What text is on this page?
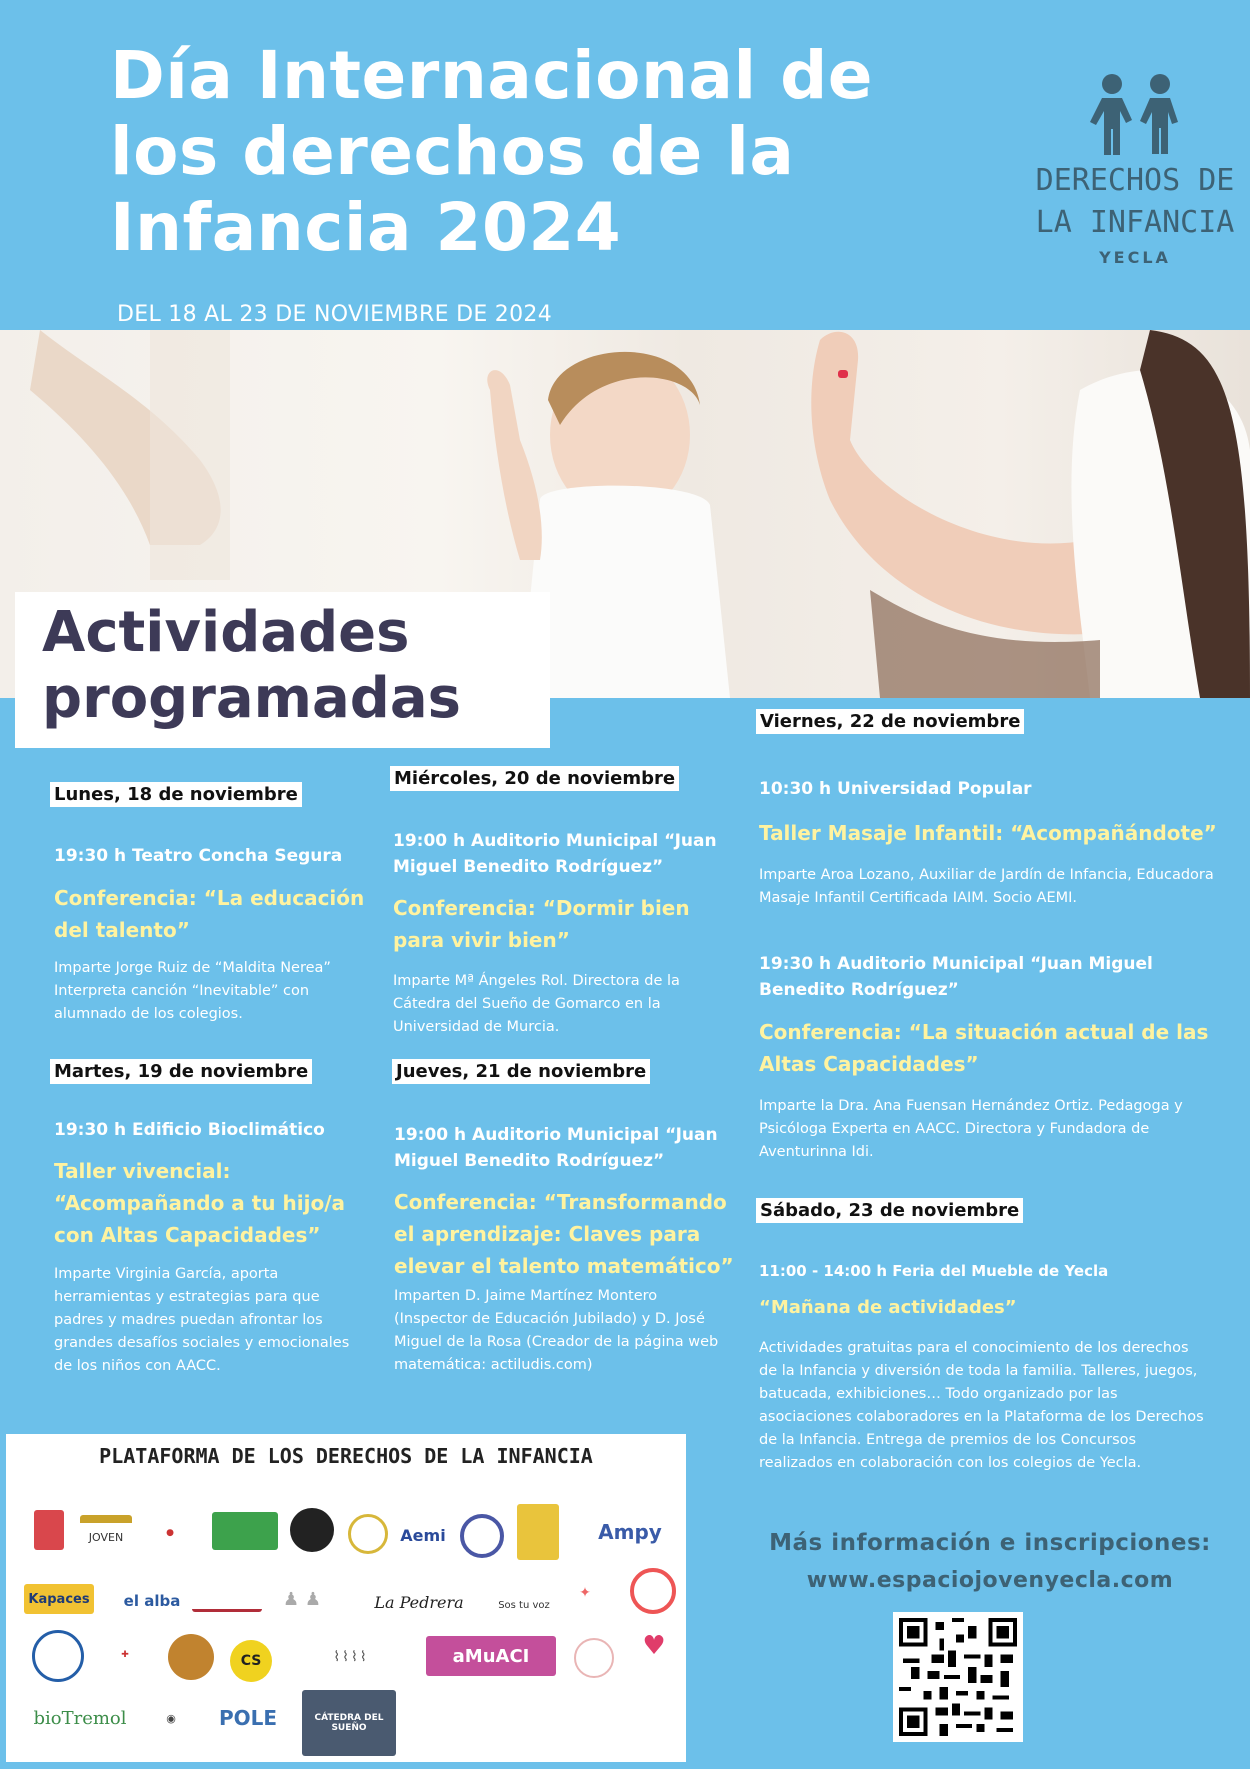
Día Internacional de
los derechos de la
Infancia 2024
DEL 18 AL 23 DE NOVIEMBRE DE 2024
DERECHOS DE
LA INFANCIA
YECLA
Actividades
programadas
Lunes, 18 de noviembre
19:30 h Teatro Concha Segura
Conferencia: “La educación del talento”
Imparte Jorge Ruiz de “Maldita Nerea” Interpreta canción “Inevitable” con alumnado de los colegios.
Martes, 19 de noviembre
19:30 h Edificio Bioclimático
Taller vivencial: “Acompañando a tu hijo/a con Altas Capacidades”
Imparte Virginia García, aporta herramientas y estrategias para que padres y madres puedan afrontar los grandes desafíos sociales y emocionales de los niños con AACC.
Miércoles, 20 de noviembre
19:00 h Auditorio Municipal “Juan Miguel Benedito Rodríguez”
Conferencia: “Dormir bien para vivir bien”
Imparte Mª Ángeles Rol. Directora de la Cátedra del Sueño de Gomarco en la Universidad de Murcia.
Jueves, 21 de noviembre
19:00 h Auditorio Municipal “Juan Miguel Benedito Rodríguez”
Conferencia: “Transformando el aprendizaje: Claves para elevar el talento matemático”
Imparten D. Jaime Martínez Montero (Inspector de Educación Jubilado) y D. José Miguel de la Rosa (Creador de la página web matemática: actiludis.com)
Viernes, 22 de noviembre
10:30 h Universidad Popular
Taller Masaje Infantil: “Acompañándote”
Imparte Aroa Lozano, Auxiliar de Jardín de Infancia, Educadora Masaje Infantil Certificada IAIM. Socio AEMI.
19:30 h Auditorio Municipal “Juan Miguel Benedito Rodríguez”
Conferencia: “La situación actual de las Altas Capacidades”
Imparte la Dra. Ana Fuensan Hernández Ortiz. Pedagoga y Psicóloga Experta en AACC. Directora y Fundadora de Aventurinna Idi.
Sábado, 23 de noviembre
11:00 - 14:00 h Feria del Mueble de Yecla
“Mañana de actividades”
Actividades gratuitas para el conocimiento de los derechos de la Infancia y diversión de toda la familia. Talleres, juegos, batucada, exhibiciones… Todo organizado por las asociaciones colaboradores en la Plataforma de los Derechos de la Infancia. Entrega de premios de los Concursos realizados en colaboración con los colegios de Yecla.
PLATAFORMA DE LOS DERECHOS DE LA INFANCIA
JOVEN	●	Aemi	Ampy
Kapaces el alba	♟ ♟	La Pedrera	Sos tu voz
✦
✚	CS	⌇⌇⌇⌇	aMuACI	♥
bioTremol	◉	POLE	CÁTEDRA DEL SUEÑO
Más información e inscripciones:
www.espaciojovenyecla.com
